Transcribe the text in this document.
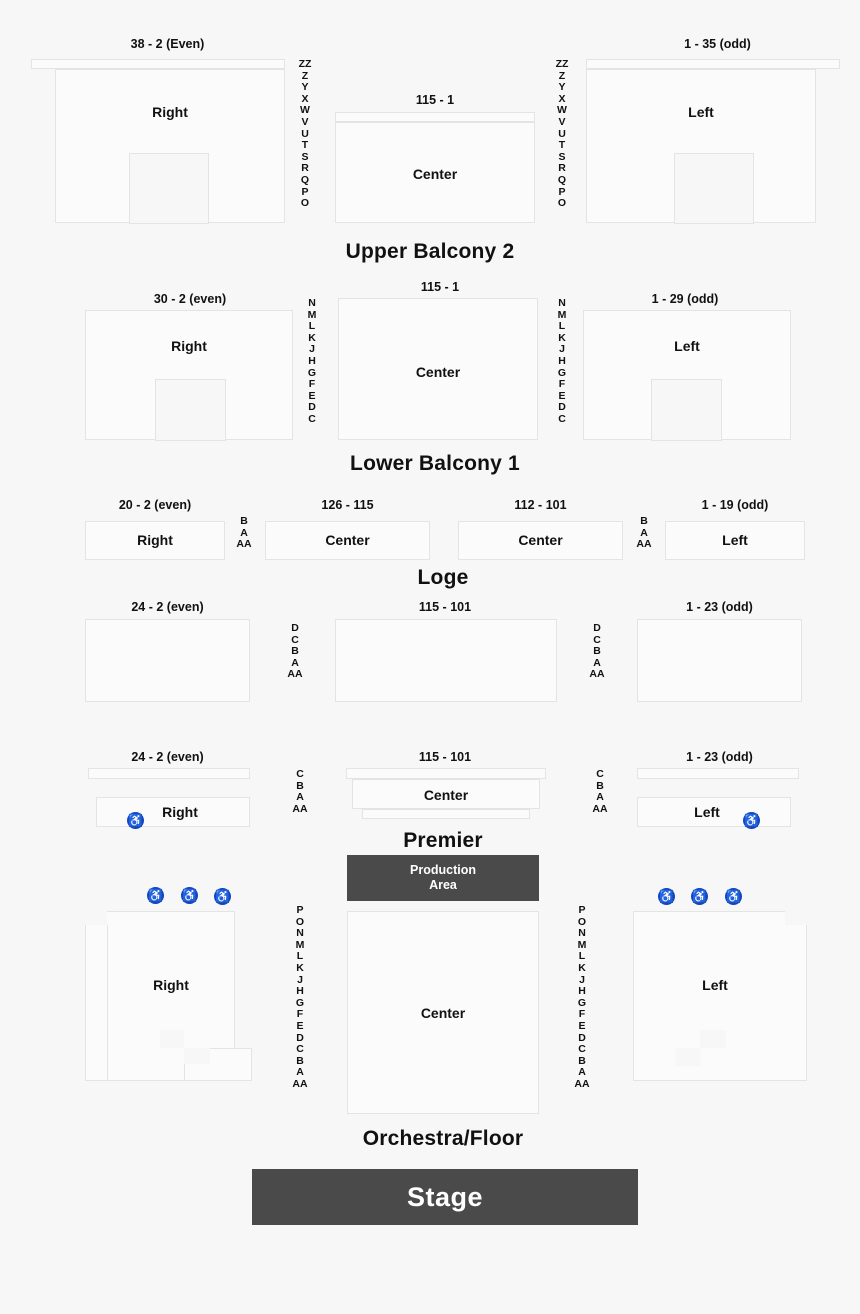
38 - 2 (Even)
115 - 1
1 - 35 (odd)
Right
Center
Left
ZZ
Z
Y
X
W
V
U
T
S
R
Q
P
O
ZZ
Z
Y
X
W
V
U
T
S
R
Q
P
O
Upper Balcony 2
30 - 2 (even)
115 - 1
1 - 29 (odd)
Right
Center
Left
N
M
L
K
J
H
G
F
E
D
C
N
M
L
K
J
H
G
F
E
D
C
Lower Balcony 1
20 - 2 (even)	126 - 115	112 - 101	1 - 19 (odd)
Right	Center	Center	Left
B
A
AA
B
A
AA
Loge
24 - 2 (even)	115 - 101	1 - 23 (odd)
D
C
B
A
AA
D
C
B
A
AA
24 - 2 (even)	115 - 101	1 - 23 (odd)
Right
♿
Center
Left	♿
C
B
A
AA
C
B
A
AA
Premier
Production
Area
♿ ♿ ♿	♿ ♿ ♿
Right
Center
Left
P
O
N
M
L
K
J
H
G
F
E
D
C
B
A
AA
P
O
N
M
L
K
J
H
G
F
E
D
C
B
A
AA
Orchestra/Floor
Stage
